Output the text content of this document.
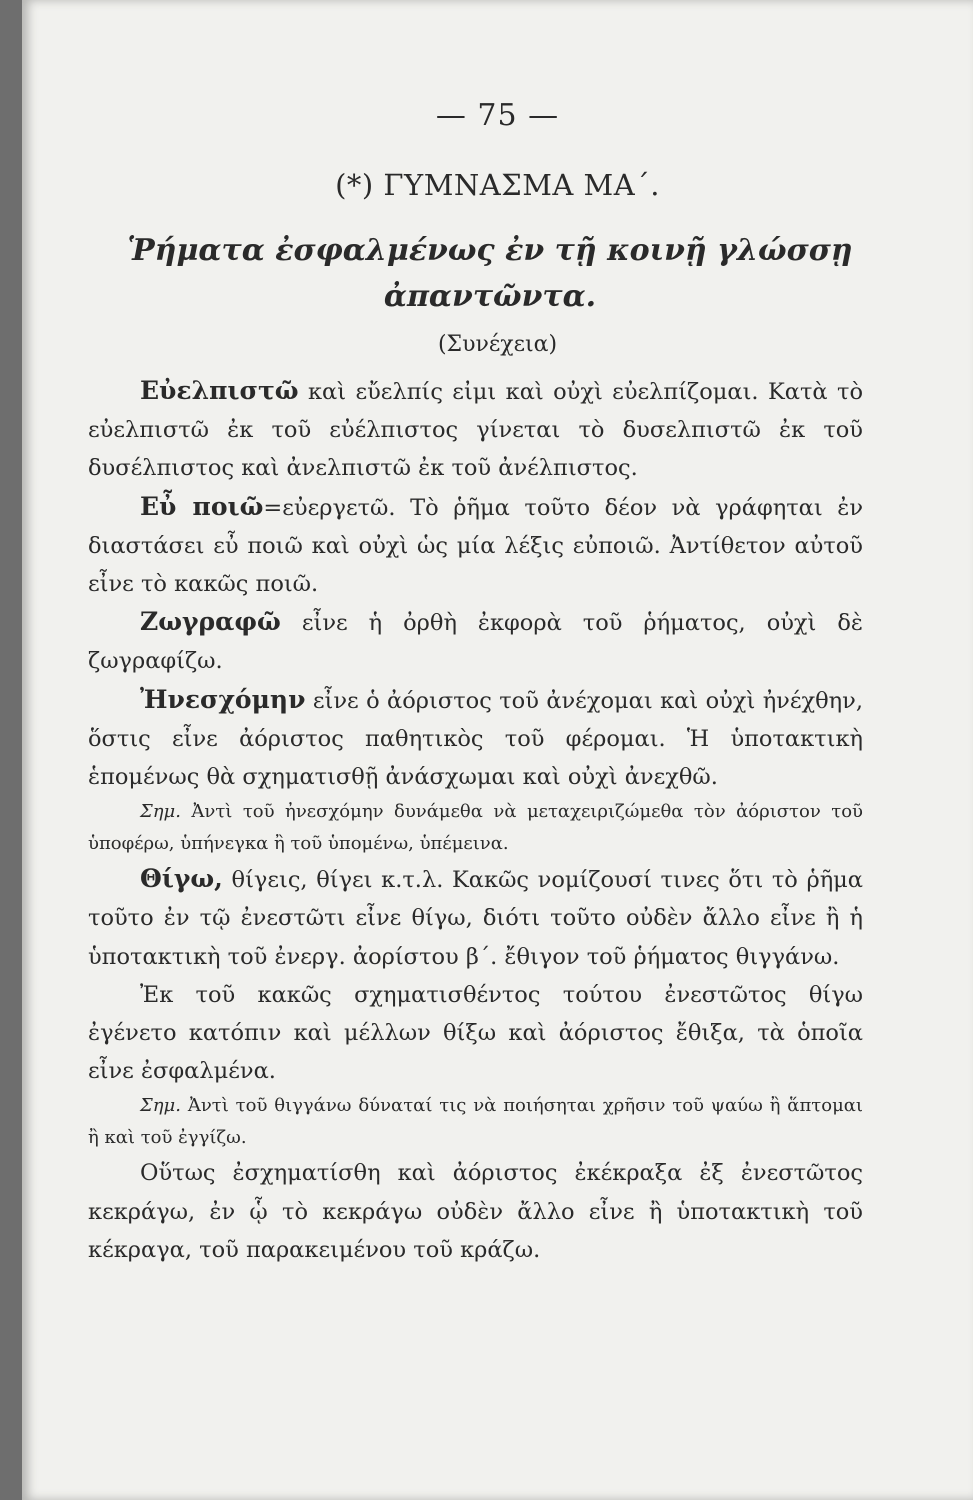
— 75 —
(*) ΓΥΜΝΑΣΜΑ ΜΑ΄.
Ῥήματα ἐσφαλμένως ἐν τῇ κοινῇ γλώσσῃ ἀπαντῶντα.
(Συνέχεια)

Εὐελπιστῶ καὶ εὔελπίς εἰμι καὶ οὐχὶ εὐελπίζομαι. Κατὰ τὸ εὐελπιστῶ ἐκ τοῦ εὐέλπιστος γίνεται τὸ δυσελπιστῶ ἐκ τοῦ δυσέλπιστος καὶ ἀνελπιστῶ ἐκ τοῦ ἀνέλπιστος.

Εὖ ποιῶ=εὐεργετῶ. Τὸ ῥῆμα τοῦτο δέον νὰ γράφηται ἐν διαστάσει εὖ ποιῶ καὶ οὐχὶ ὡς μία λέξις εὐποιῶ. Ἀντίθετον αὐτοῦ εἶνε τὸ κακῶς ποιῶ.

Ζωγραφῶ εἶνε ἡ ὀρθὴ ἐκφορὰ τοῦ ῥήματος, οὐχὶ δὲ ζωγραφίζω.

Ἠνεσχόμην εἶνε ὁ ἀόριστος τοῦ ἀνέχομαι καὶ οὐχὶ ἠνέχθην, ὅστις εἶνε ἀόριστος παθητικὸς τοῦ φέρομαι. Ἡ ὑποτακτικὴ ἑπομένως θὰ σχηματισθῇ ἀνάσχωμαι καὶ οὐχὶ ἀνεχθῶ.

Σημ. Ἀντὶ τοῦ ἠνεσχόμην δυνάμεθα νὰ μεταχειριζώμεθα τὸν ἀόριστον τοῦ ὑποφέρω, ὑπήνεγκα ἢ τοῦ ὑπομένω, ὑπέμεινα.

Θίγω, θίγεις, θίγει κ.τ.λ. Κακῶς νομίζουσί τινες ὅτι τὸ ῥῆμα τοῦτο ἐν τῷ ἐνεστῶτι εἶνε θίγω, διότι τοῦτο οὐδὲν ἄλλο εἶνε ἢ ἡ ὑποτακτικὴ τοῦ ἐνεργ. ἀορίστου β΄. ἔθιγον τοῦ ῥήματος θιγγάνω.

Ἐκ τοῦ κακῶς σχηματισθέντος τούτου ἐνεστῶτος θίγω ἐγένετο κατόπιν καὶ μέλλων θίξω καὶ ἀόριστος ἔθιξα, τὰ ὁποῖα εἶνε ἐσφαλμένα.

Σημ. Ἀντὶ τοῦ θιγγάνω δύναταί τις νὰ ποιήσηται χρῆσιν τοῦ ψαύω ἢ ἅπτομαι ἢ καὶ τοῦ ἐγγίζω.

Οὕτως ἐσχηματίσθη καὶ ἀόριστος ἐκέκραξα ἐξ ἐνεστῶτος κεκράγω, ἐν ᾧ τὸ κεκράγω οὐδὲν ἄλλο εἶνε ἢ ὑποτακτικὴ τοῦ κέκραγα, τοῦ παρακειμένου τοῦ κράζω.
